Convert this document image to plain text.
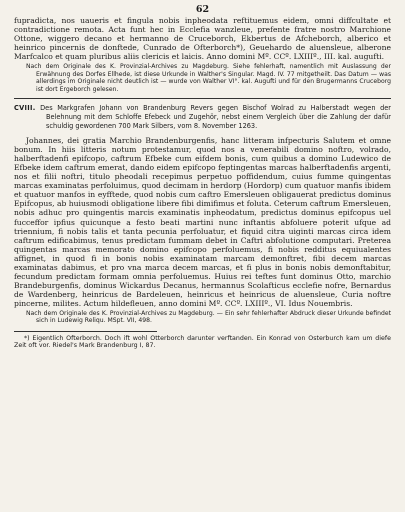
62

fupradicta, nos uaueris et fingula nobis inpheodata reftituemus eidem, omni diffcultate et contradictione remota. Acta funt hec in Ecclefia wanzleue, prefente fratre nostro Marchione Ottone, wiggero decano et hermanno de Cruceborch, Ekbertus de Afcheborch, alberico et heinrico pincernis de donftede, Cunrado de Ofterborch*), Geuehardo de aluensleue, alberone Marfcalco et quam pluribus aliis clericis et laicis. Anno domini Mº. CCº. LXIIIº., III. kal. augufti.

Nach dem Originale des K. Provinzial-Archives zu Magdeburg. Siehe fehlerhaft, namentlich mit Auslassung der Erwähnung des Dorfes Ellhede, ist diese Urkunde in Walther's Singular. Magd. IV. 77 mitgetheilt. Das Datum — was allerdings im Originale nicht deutlich ist — wurde von Walther VI°. kal. Augufti und für den Brugermanns Cruceborg ist dort Ergeborch gelesen.

CVIII. Des Markgrafen Johann von Brandenburg Revers gegen Bischof Wolrad zu Halberstadt wegen der Belehnung mit dem Schloffe Efebeck und Zugehör, nebst einem Vergleich über die Zahlung der dafür schuldig gewordenen 700 Mark Silbers, vom 8. November 1263.

Johannes, dei gratia Marchio Brandenburgenfis, hanc litteram infpecturis Salutem et omne bonum. In hiis litteris notum protestamur, quod nos a venerabili domino noftro, volrado, halberftadenfi epifcopo, caftrum Efbeke cum eifdem bonis, cum quibus a domino Ludewico de Efbeke idem caftrum emerat, dando eidem epifcopo feptingentas marcas halberftadenfis argenti, nos et filii noftri, titulo pheodali recepimus perpetuo poffidendum, cuius fumme quingentas marcas examinatas perfoluimus, quod decimam in herdorp (Hordorp) cum quatuor manfis ibidem et quatuor manfos in eyfftede, quod nobis cum caftro Emersleuen obligauerat predictus dominus Epifcopus, ab huiusmodi obligatione libere fibi dimifimus et foluta. Ceterum caftrum Emersleuen, nobis adhuc pro quingentis marcis examinatis inpheodatum, predictus dominus epifcopus uel fucceffor ipfius quicunque a festo beati martini nunc inftantis abfoluere poterit ufque ad triennium, fi nobis talis et tanta pecunia perfoluatur, et fiquid citra uiginti marcas circa idem caftrum edificabimus, tenus predictam fummam debet in Caftri abfolutione computari. Preterea quingentas marcas memorato domino epifcopo perfoluemus, fi nobis redditus equiualentes affignet, in quod fi in bonis nobis examinatam marcam demonftret, fibi decem marcas examinatas dabimus, et pro vna marca decem marcas, et fi plus in bonis nobis demonftabitur, fecundum predictam formam omnia perfoluemus. Huius rei teftes funt dominus Otto, marchio Brandeburgenfis, dominus Wickardus Decanus, hermannus Scolafticus ecclefie nofre, Bernardus de Wardenberg, heinricus de Bardeleuen, heinricus et heinricus de aluensleue, Curia noftre pincerne, milites. Actum hildefleuen, anno domini Mº. CCº. LXIIIº., VI. Idus Nouembris.

Nach dem Originale des K. Provinzial-Archives zu Magdeburg. — Ein sehr fehlerhafter Abdruck dieser Urkunde befindet sich in Ludewig Reliqu. MSpt. VII, 498.

*) Eigentlich Ofterborch. Doch ift wohl Otterborch darunter verftanden. Ein Konrad von Osterburch kam um diefe Zeit oft vor. Riedel's Mark Brandenburg I, 87.
